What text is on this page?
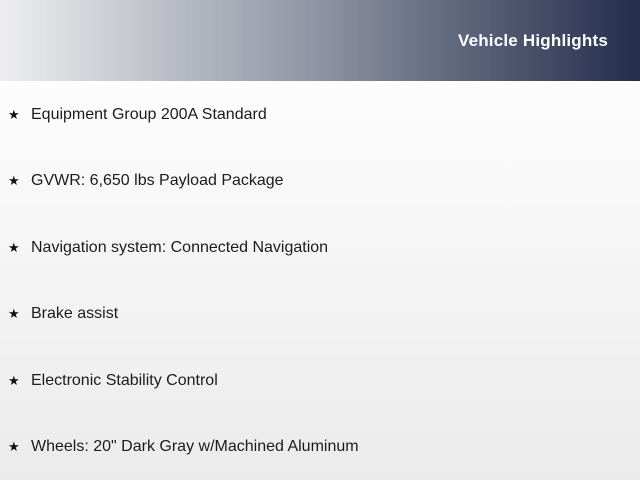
Vehicle Highlights
★ Equipment Group 200A Standard
★ GVWR: 6,650 lbs Payload Package
★ Navigation system: Connected Navigation
★ Brake assist
★ Electronic Stability Control
★ Wheels: 20" Dark Gray w/Machined Aluminum
